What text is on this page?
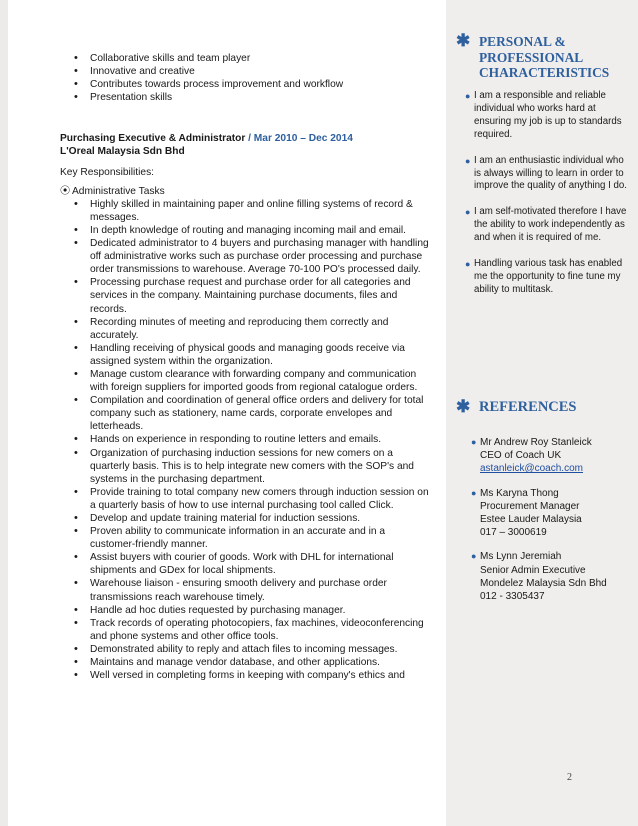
• Collaborative skills and team player
• Innovative and creative
• Contributes towards process improvement and workflow
• Presentation skills
Purchasing Executive & Administrator / Mar 2010 – Dec 2014
L'Oreal Malaysia Sdn Bhd
Key Responsibilities:
⦿ Administrative Tasks
• Highly skilled in maintaining paper and online filling systems of record & messages.
• In depth knowledge of routing and managing incoming mail and email.
• Dedicated administrator to 4 buyers and purchasing manager with handling off administrative works such as purchase order processing and purchase order transmissions to warehouse. Average 70-100 PO's processed daily.
• Processing purchase request and purchase order for all categories and services in the company. Maintaining purchase documents, files and records.
• Recording minutes of meeting and reproducing them correctly and accurately.
• Handling receiving of physical goods and managing goods receive via assigned system within the organization.
• Manage custom clearance with forwarding company and communication with foreign suppliers for imported goods from regional catalogue orders.
• Compilation and coordination of general office orders and delivery for total company such as stationery, name cards, corporate envelopes and letterheads.
• Hands on experience in responding to routine letters and emails.
• Organization of purchasing induction sessions for new comers on a quarterly basis. This is to help integrate new comers with the SOP's and systems in the purchasing department.
• Provide training to total company new comers through induction session on a quarterly basis of how to use internal purchasing tool called Click.
• Develop and update training material for induction sessions.
• Proven ability to communicate information in an accurate and in a customer-friendly manner.
• Assist buyers with courier of goods. Work with DHL for international shipments and GDex for local shipments.
• Warehouse liaison - ensuring smooth delivery and purchase order transmissions reach warehouse timely.
• Handle ad hoc duties requested by purchasing manager.
• Track records of operating photocopiers, fax machines, videoconferencing and phone systems and other office tools.
• Demonstrated ability to reply and attach files to incoming messages.
• Maintains and manage vendor database, and other applications.
• Well versed in completing forms in keeping with company's ethics and
✱ PERSONAL &
PROFESSIONAL
CHARACTERISTICS
● I am a responsible and reliable individual who works hard at ensuring my job is up to standards required.
● I am an enthusiastic individual who is always willing to learn in order to improve the quality of anything I do.
● I am self-motivated therefore I have the ability to work independently as and when it is required of me.
● Handling various task has enabled me the opportunity to fine tune my ability to multitask.
✱ REFERENCES
● Mr Andrew Roy Stanleick
CEO of Coach UK
astanleick@coach.com
● Ms Karyna Thong
Procurement Manager
Estee Lauder Malaysia
017 – 3000619
● Ms Lynn Jeremiah
Senior Admin Executive
Mondelez Malaysia Sdn Bhd
012 - 3305437
2
